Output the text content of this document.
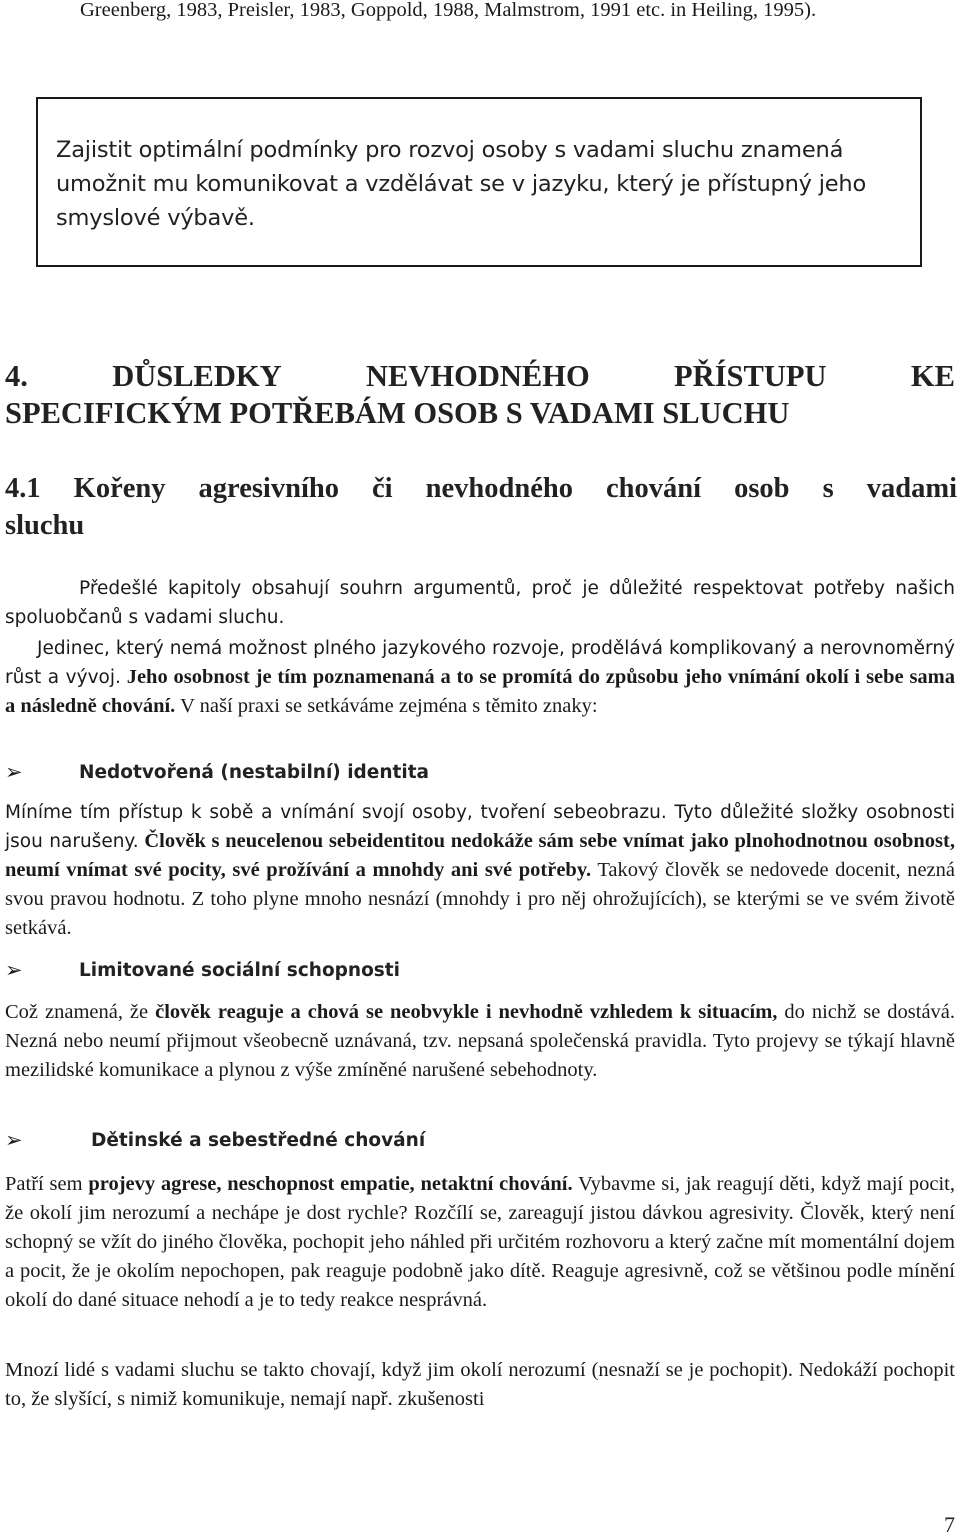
Greenberg, 1983, Preisler, 1983, Goppold, 1988, Malmstrom, 1991 etc. in Heiling, 1995).

Zajistit optimální podmínky pro rozvoj osoby s vadami sluchu znamená umožnit mu komunikovat a vzdělávat se v jazyku, který je přístupný jeho smyslové výbavě.
4.	DŮSLEDKY	NEVHODNÉHO	PŘÍSTUPU	KE
SPECIFICKÝM POTŘEBÁM OSOB S VADAMI SLUCHU
4.1 Kořeny agresivního či nevhodného chování osob s vadami
sluchu

Předešlé kapitoly obsahují souhrn argumentů, proč je důležité respektovat potřeby našich spoluobčanů s vadami sluchu.

Jedinec, který nemá možnost plného jazykového rozvoje, prodělává komplikovaný a nerovnoměrný růst a vývoj. Jeho osobnost je tím poznamenaná a to se promítá do způsobu jeho vnímání okolí i sebe sama a následně chování. V naší praxi se setkáváme zejména s těmito znaky:

➢	Nedotvořená (nestabilní) identita

Míníme tím přístup k sobě a vnímání svojí osoby, tvoření sebeobrazu. Tyto důležité složky osobnosti jsou narušeny. Člověk s neucelenou sebeidentitou nedokáže sám sebe vnímat jako plnohodnotnou osobnost, neumí vnímat své pocity, své prožívání a mnohdy ani své potřeby. Takový člověk se nedovede docenit, nezná svou pravou hodnotu. Z toho plyne mnoho nesnází (mnohdy i pro něj ohrožujících), se kterými se ve svém životě setkává.

➢	Limitované sociální schopnosti

Což znamená, že člověk reaguje a chová se neobvykle i nevhodně vzhledem k situacím, do nichž se dostává. Nezná nebo neumí přijmout všeobecně uznávaná, tzv. nepsaná společenská pravidla. Tyto projevy se týkají hlavně mezilidské komunikace a plynou z výše zmíněné narušené sebehodnoty.

➢	Dětinské a sebestředné chování

Patří sem projevy agrese, neschopnost empatie, netaktní chování. Vybavme si, jak reagují děti, když mají pocit, že okolí jim nerozumí a nechápe je dost rychle? Rozčílí se, zareagují jistou dávkou agresivity. Člověk, který není schopný se vžít do jiného člověka, pochopit jeho náhled při určitém rozhovoru a který začne mít momentální dojem a pocit, že je okolím nepochopen, pak reaguje podobně jako dítě. Reaguje agresivně, což se většinou podle mínění okolí do dané situace nehodí a je to tedy reakce nesprávná.

Mnozí lidé s vadami sluchu se takto chovají, když jim okolí nerozumí (nesnaží se je pochopit). Nedokáží pochopit to, že slyšící, s nimiž komunikuje, nemají např. zkušenosti

7
